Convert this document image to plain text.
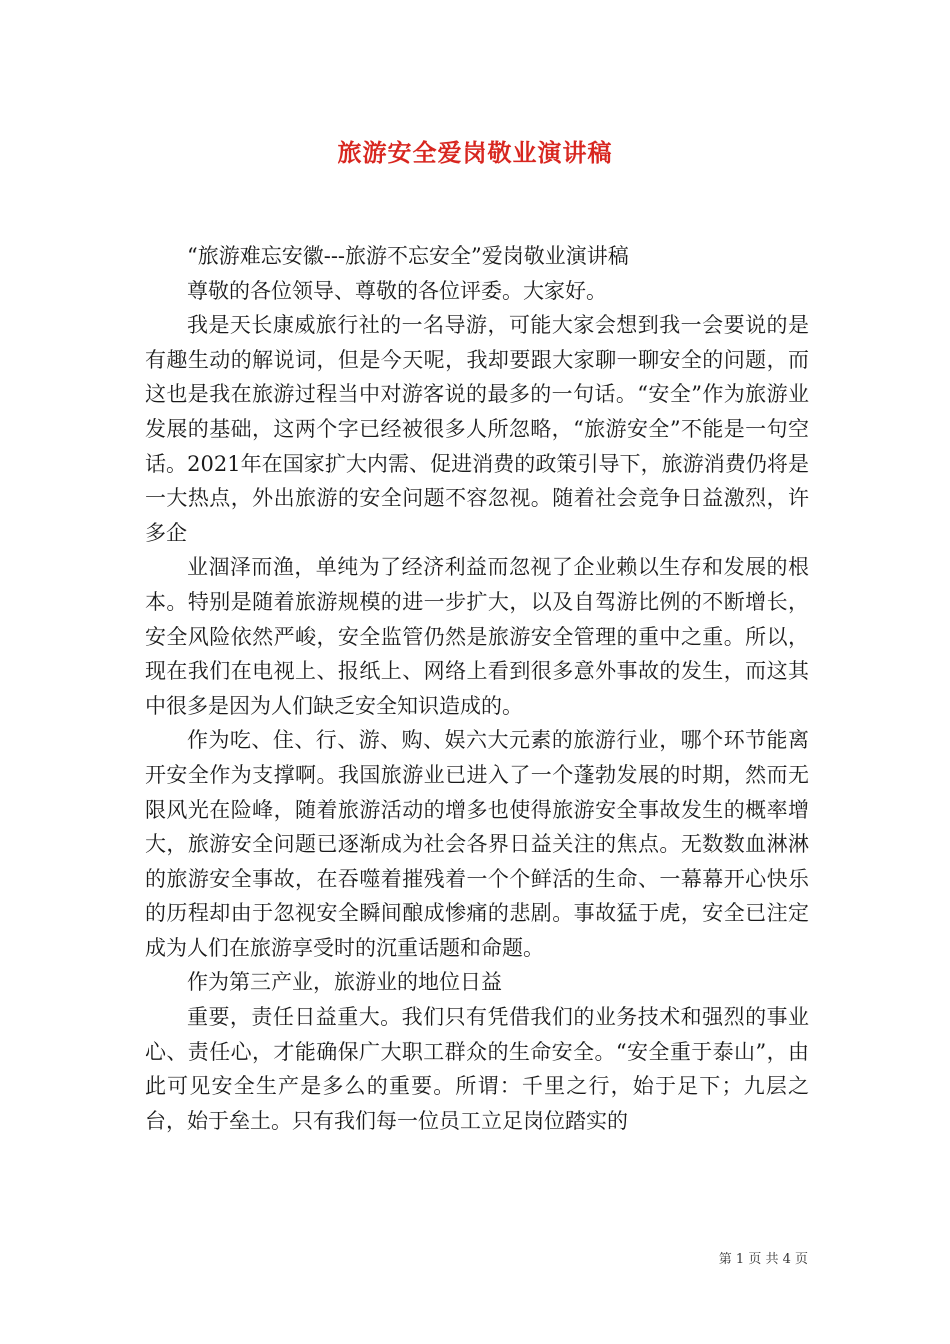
旅游安全爱岗敬业演讲稿

“旅游难忘安徽---旅游不忘安全”爱岗敬业演讲稿

尊敬的各位领导、尊敬的各位评委。大家好。

我是天长康威旅行社的一名导游，可能大家会想到我一会要说的是有趣生动的解说词，但是今天呢，我却要跟大家聊一聊安全的问题，而这也是我在旅游过程当中对游客说的最多的一句话。“安全”作为旅游业发展的基础，这两个字已经被很多人所忽略，“旅游安全”不能是一句空话。2021年在国家扩大内需、促进消费的政策引导下，旅游消费仍将是一大热点，外出旅游的安全问题不容忽视。随着社会竞争日益激烈，许多企

业涸泽而渔，单纯为了经济利益而忽视了企业赖以生存和发展的根本。特别是随着旅游规模的进一步扩大，以及自驾游比例的不断增长，安全风险依然严峻，安全监管仍然是旅游安全管理的重中之重。所以，现在我们在电视上、报纸上、网络上看到很多意外事故的发生，而这其中很多是因为人们缺乏安全知识造成的。

作为吃、住、行、游、购、娱六大元素的旅游行业，哪个环节能离开安全作为支撑啊。我国旅游业已进入了一个蓬勃发展的时期，然而无限风光在险峰，随着旅游活动的增多也使得旅游安全事故发生的概率增大，旅游安全问题已逐渐成为社会各界日益关注的焦点。无数数血淋淋的旅游安全事故，在吞噬着摧残着一个个鲜活的生命、一幕幕开心快乐的历程却由于忽视安全瞬间酿成惨痛的悲剧。事故猛于虎，安全已注定成为人们在旅游享受时的沉重话题和命题。

作为第三产业，旅游业的地位日益

重要，责任日益重大。我们只有凭借我们的业务技术和强烈的事业心、责任心，才能确保广大职工群众的生命安全。“安全重于泰山”，由此可见安全生产是多么的重要。所谓：千里之行，始于足下；九层之台，始于垒土。只有我们每一位员工立足岗位踏实的

第 1 页 共 4 页
